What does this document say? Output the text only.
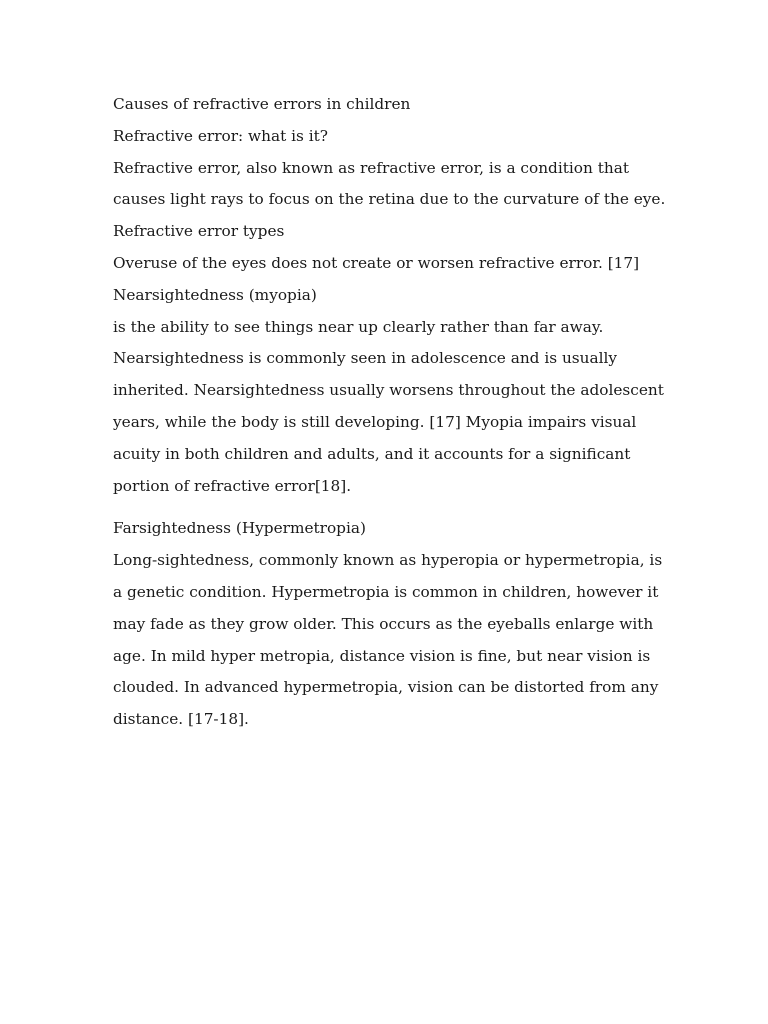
Causes of refractive errors in children
Refractive error: what is it?
Refractive error, also known as refractive error, is a condition that
causes light rays to focus on the retina due to the curvature of the eye.
Refractive error types
Overuse of the eyes does not create or worsen refractive error. [17]
Nearsightedness (myopia)
is the ability to see things near up clearly rather than far away.
Nearsightedness is commonly seen in adolescence and is usually
inherited. Nearsightedness usually worsens throughout the adolescent
years, while the body is still developing. [17] Myopia impairs visual
acuity in both children and adults, and it accounts for a significant
portion of refractive error[18].
Farsightedness (Hypermetropia)
Long-sightedness, commonly known as hyperopia or hypermetropia, is
a genetic condition. Hypermetropia is common in children, however it
may fade as they grow older. This occurs as the eyeballs enlarge with
age. In mild hyper metropia, distance vision is fine, but near vision is
clouded. In advanced hypermetropia, vision can be distorted from any
distance. [17-18].
